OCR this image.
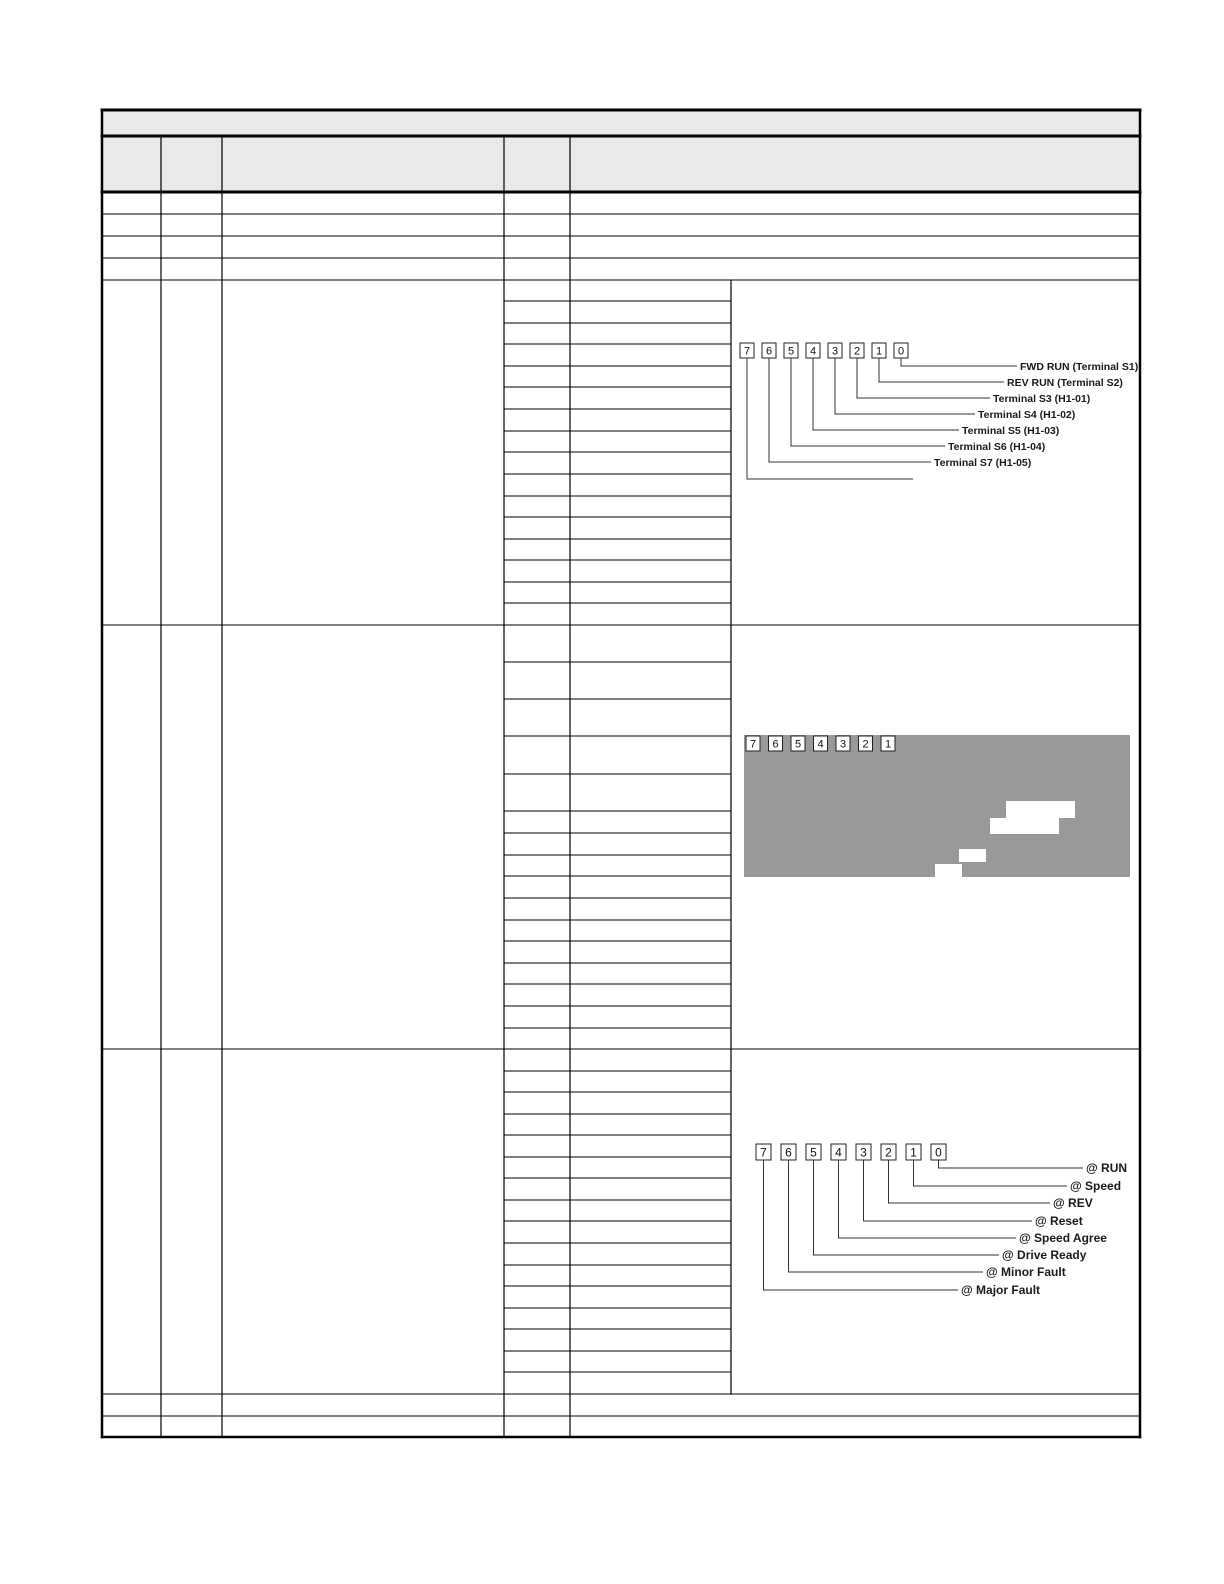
7 6 5 4 3 2 1 0
FWD RUN (Terminal S1)
REV RUN (Terminal S2)
Terminal S3 (H1-01)
Terminal S4 (H1-02)
Terminal S5 (H1-03)
Terminal S6 (H1-04)
Terminal S7 (H1-05)
7 6 5 4 3 2 1
7 6 5 4 3 2 1 0
@ RUN
@ Speed
@ REV
@ Reset
@ Speed Agree
@ Drive Ready
@ Minor Fault
@ Major Fault
